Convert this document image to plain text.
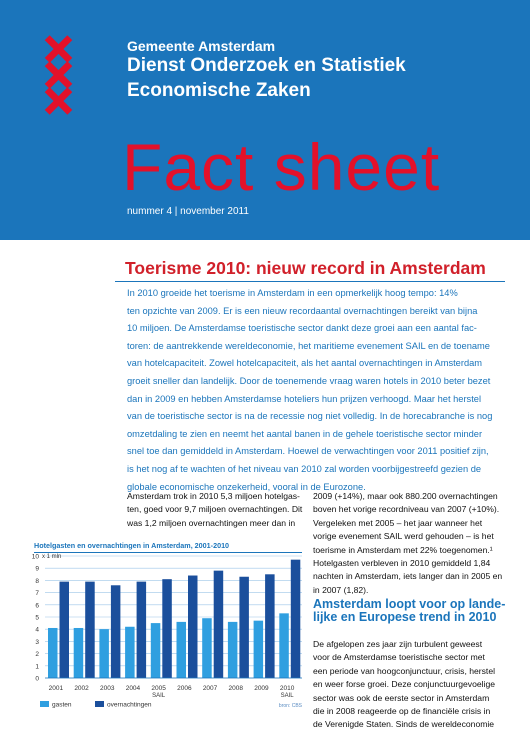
Gemeente Amsterdam
Dienst Onderzoek en Statistiek
Economische Zaken
Fact sheet
nummer 4 | november 2011
Toerisme 2010: nieuw record in Amsterdam
In 2010 groeide het toerisme in Amsterdam in een opmerkelijk hoog tempo: 14%
ten opzichte van 2009. Er is een nieuw recordaantal overnachtingen bereikt van bijna
10 miljoen. De Amsterdamse toeristische sector dankt deze groei aan een aantal fac-
toren: de aantrekkende wereldeconomie, het maritieme evenement SAIL en de toename
van hotelcapaciteit. Zowel hotelcapaciteit, als het aantal overnachtingen in Amsterdam
groeit sneller dan landelijk. Door de toenemende vraag waren hotels in 2010 beter bezet
dan in 2009 en hebben Amsterdamse hoteliers hun prijzen verhoogd. Maar het herstel
van de toeristische sector is na de recessie nog niet volledig. In de horecabranche is nog
omzetdaling te zien en neemt het aantal banen in de gehele toeristische sector minder
snel toe dan gemiddeld in Amsterdam. Hoewel de verwachtingen voor 2011 positief zijn,
is het nog af te wachten of het niveau van 2010 zal worden voorbijgestreefd gezien de
globale economische onzekerheid, vooral in de Eurozone.
Amsterdam trok in 2010 5,3 miljoen hotelgas-
ten, goed voor 9,7 miljoen overnachtingen. Dit
was 1,2 miljoen overnachtingen meer dan in
2009 (+14%), maar ook 880.200 overnachtingen
boven het vorige recordniveau van 2007 (+10%).
Vergeleken met 2005 – het jaar wanneer het
vorige evenement SAIL werd gehouden – is het
toerisme in Amsterdam met 22% toegenomen.¹
Hotelgasten verbleven in 2010 gemiddeld 1,84
nachten in Amsterdam, iets langer dan in 2005 en
in 2007 (1,82).
Amsterdam loopt voor op lande-
lijke en Europese trend in 2010
De afgelopen zes jaar zijn turbulent geweest
voor de Amsterdamse toeristische sector met
een periode van hoogconjunctuur, crisis, herstel
en weer forse groei. Deze conjunctuurgevoelige
sector was ook de eerste sector in Amsterdam
die in 2008 reageerde op de financiële crisis in
de Verenigde Staten. Sinds de wereldeconomie
Hotelgasten en overnachtingen in Amsterdam, 2001-2010
0
1
2
3
4
5
6
7
8
9
10 x 1 mln
2001 2002 2003 2004 2005
SAIL
2006 2007 2008 2009 2010
SAIL
gasten	overnachtingen	bron: CBS
